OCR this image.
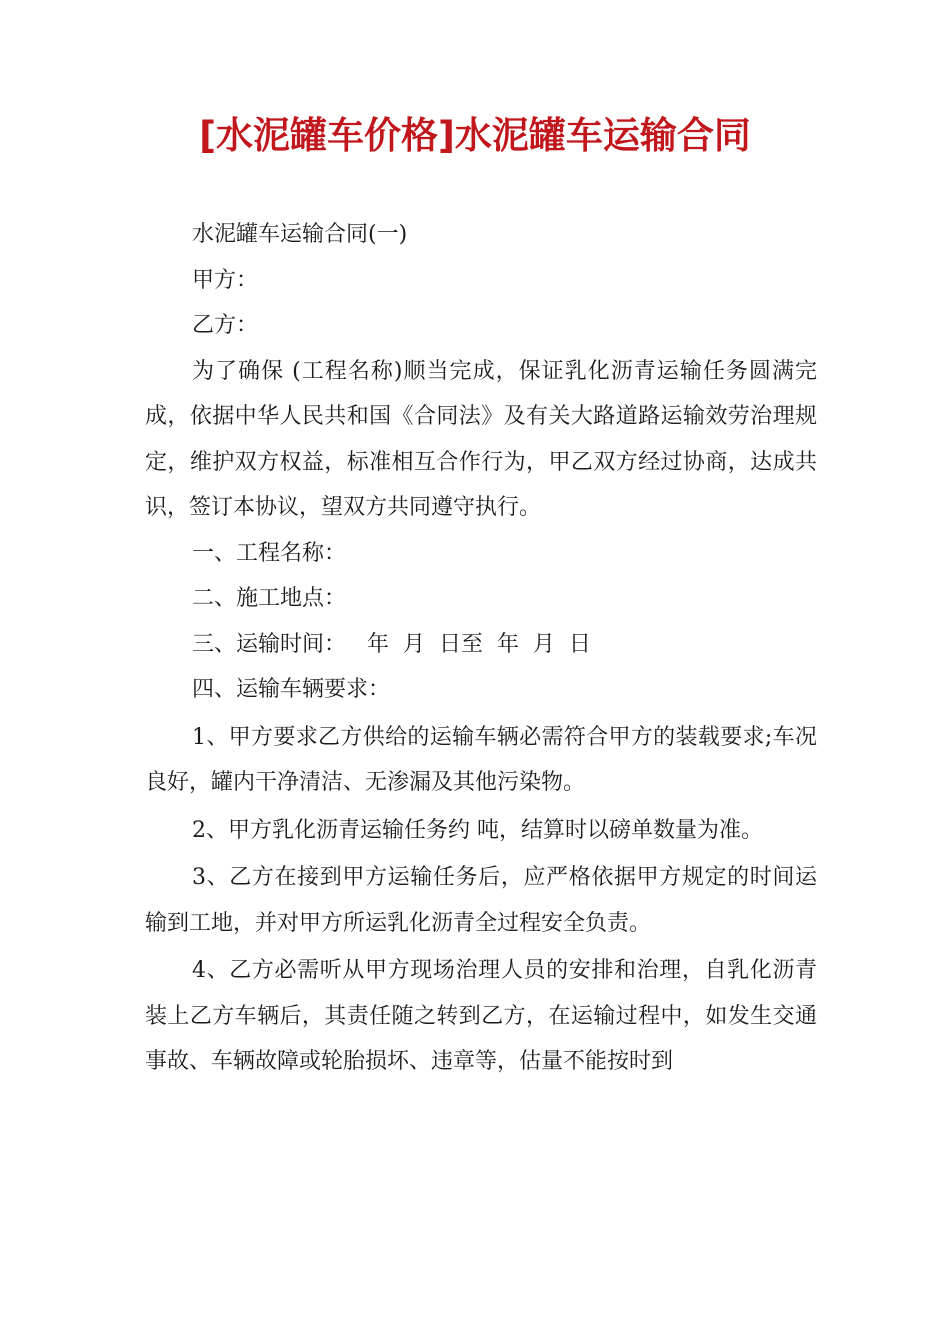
[水泥罐车价格]水泥罐车运输合同

水泥罐车运输合同(一)

甲方：

乙方：

为了确保 (工程名称)顺当完成，保证乳化沥青运输任务圆满完成，依据中华人民共和国《合同法》及有关大路道路运输效劳治理规定，维护双方权益，标准相互合作行为，甲乙双方经过协商，达成共识，签订本协议，望双方共同遵守执行。

一、工程名称：

二、施工地点：

三、运输时间：   年  月  日至  年  月  日

四、运输车辆要求：

1、甲方要求乙方供给的运输车辆必需符合甲方的装载要求;车况良好，罐内干净清洁、无渗漏及其他污染物。

2、甲方乳化沥青运输任务约 吨，结算时以磅单数量为准。

3、乙方在接到甲方运输任务后，应严格依据甲方规定的时间运输到工地，并对甲方所运乳化沥青全过程安全负责。

4、乙方必需听从甲方现场治理人员的安排和治理，自乳化沥青装上乙方车辆后，其责任随之转到乙方，在运输过程中，如发生交通事故、车辆故障或轮胎损坏、违章等，估量不能按时到
